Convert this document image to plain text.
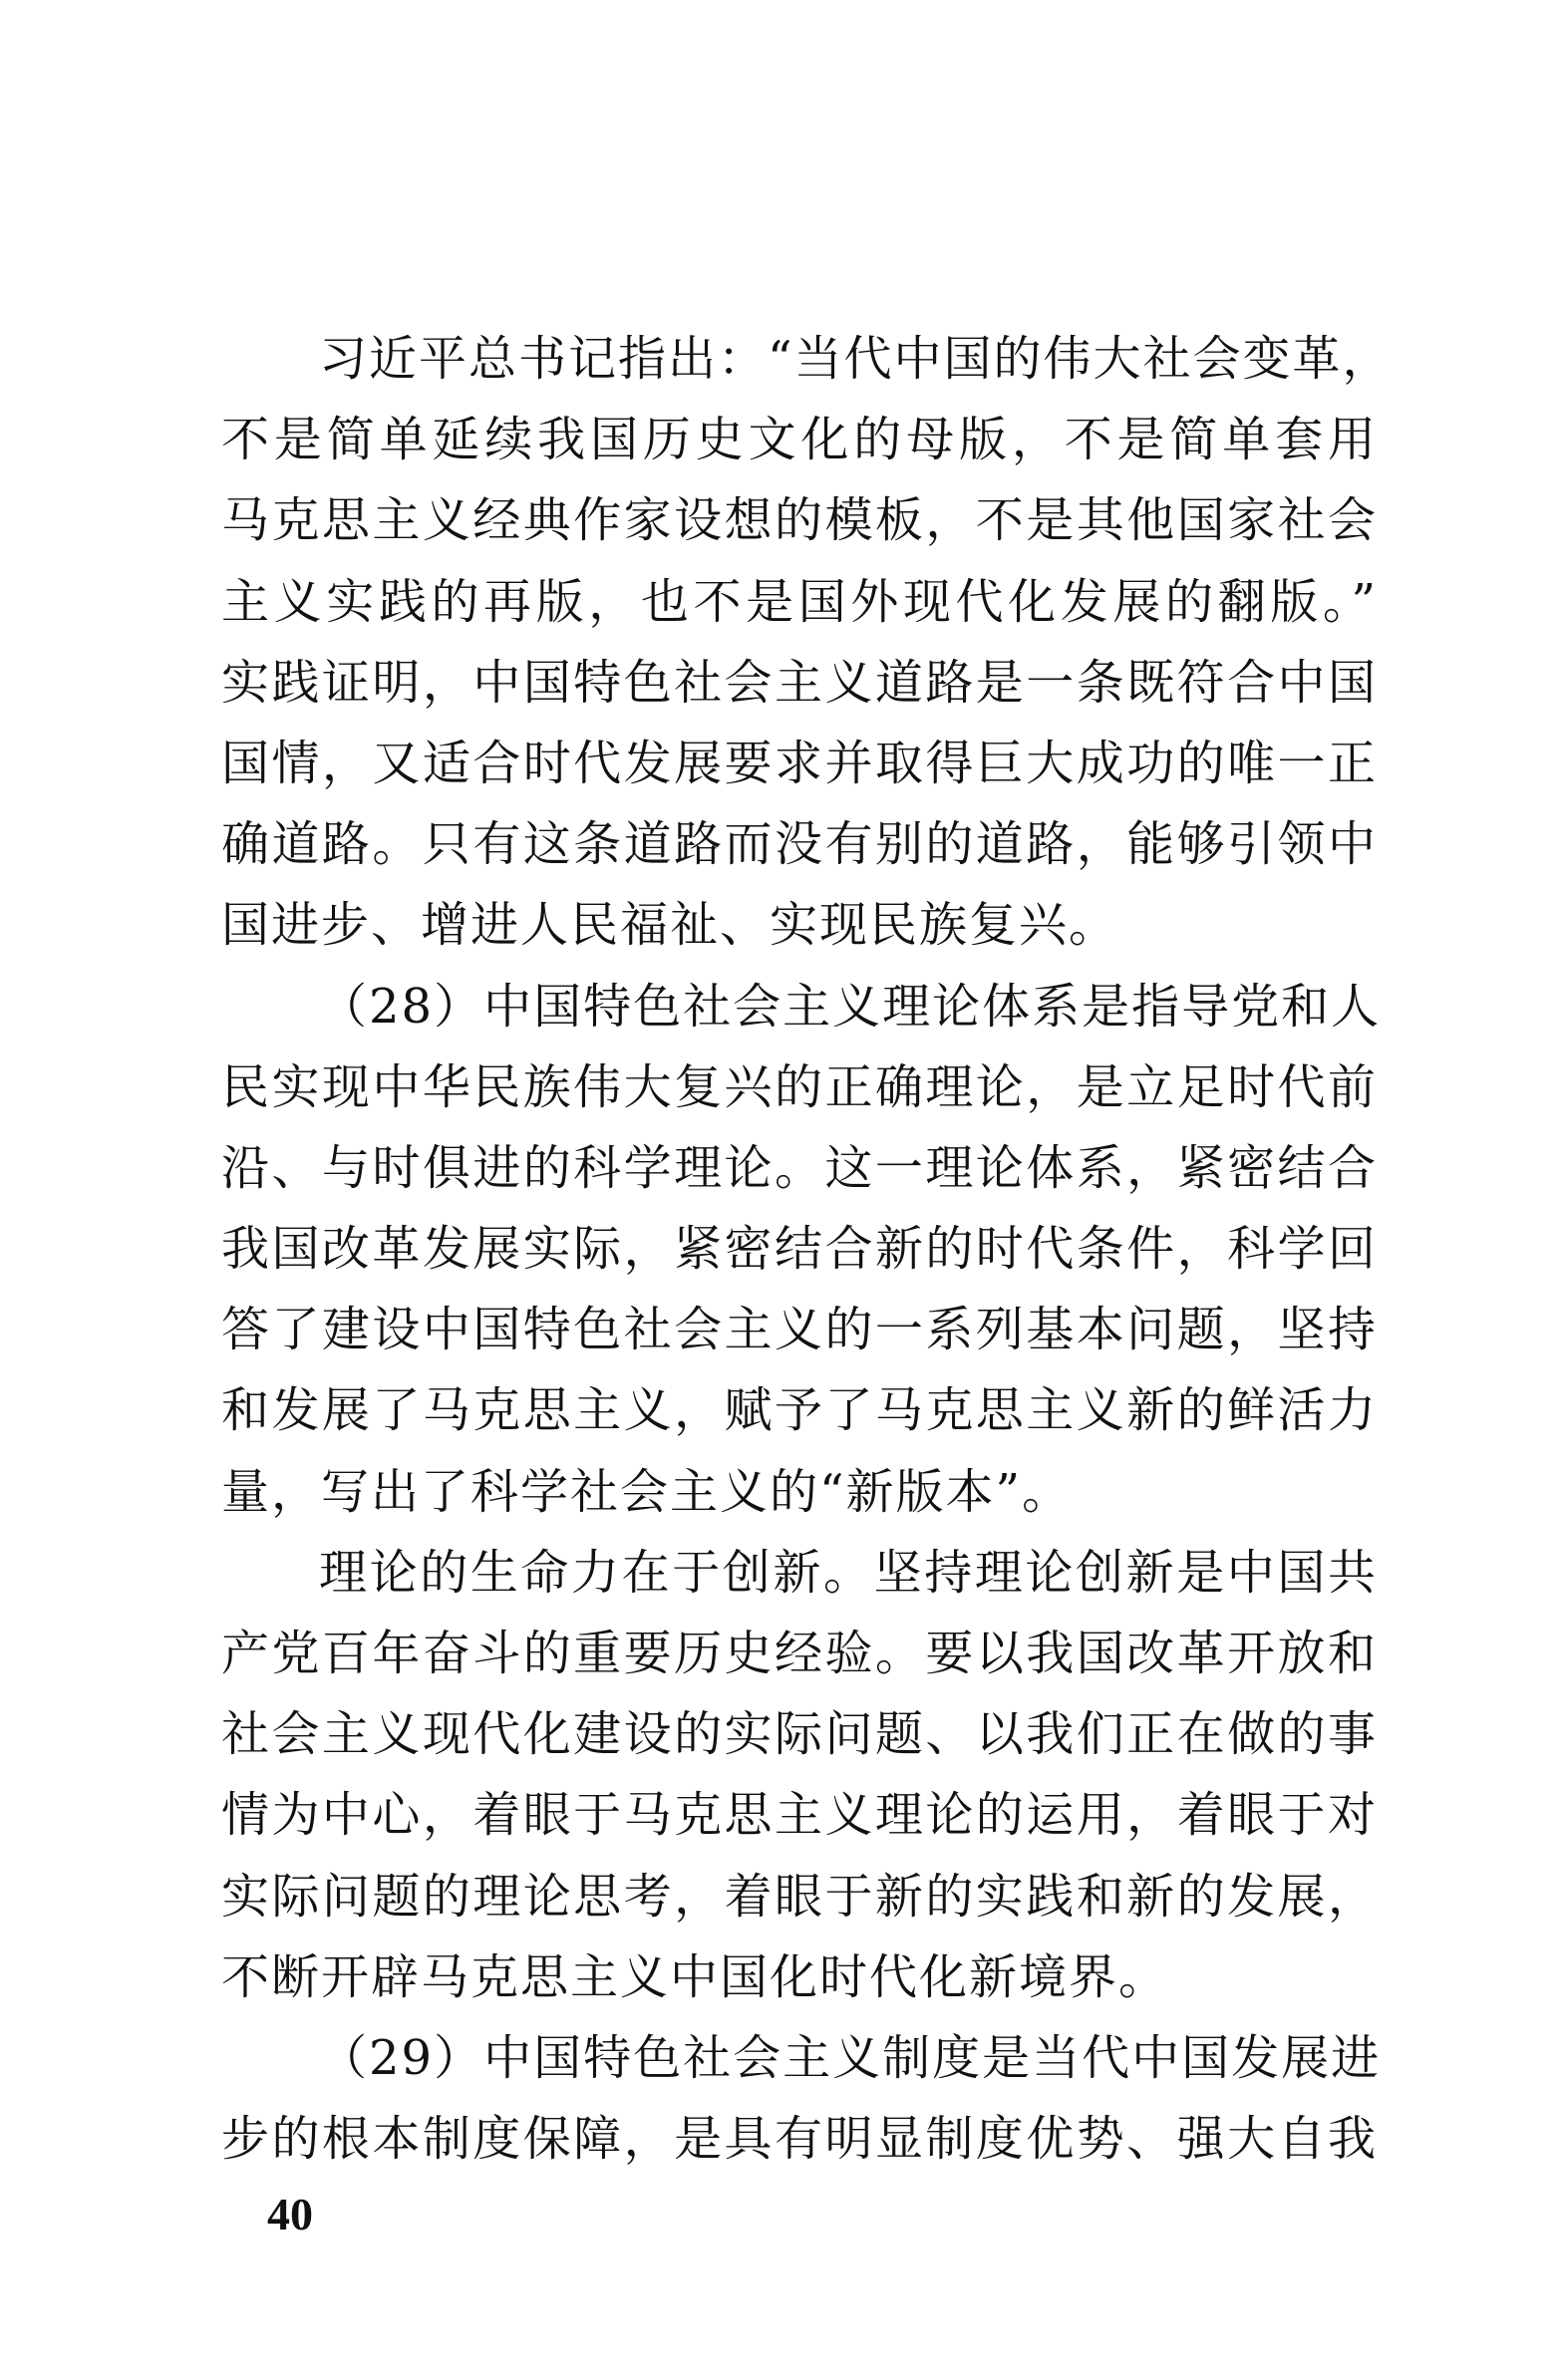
习近平总书记指出：“当代中国的伟大社会变革，
不是简单延续我国历史文化的母版，不是简单套用
马克思主义经典作家设想的模板，不是其他国家社会
主义实践的再版，也不是国外现代化发展的翻版。”
实践证明，中国特色社会主义道路是一条既符合中国
国情，又适合时代发展要求并取得巨大成功的唯一正
确道路。只有这条道路而没有别的道路，能够引领中
国进步、增进人民福祉、实现民族复兴。
（28）中国特色社会主义理论体系是指导党和人
民实现中华民族伟大复兴的正确理论，是立足时代前
沿、与时俱进的科学理论。这一理论体系，紧密结合
我国改革发展实际，紧密结合新的时代条件，科学回
答了建设中国特色社会主义的一系列基本问题，坚持
和发展了马克思主义，赋予了马克思主义新的鲜活力
量，写出了科学社会主义的“新版本”。
理论的生命力在于创新。坚持理论创新是中国共
产党百年奋斗的重要历史经验。要以我国改革开放和
社会主义现代化建设的实际问题、以我们正在做的事
情为中心，着眼于马克思主义理论的运用，着眼于对
实际问题的理论思考，着眼于新的实践和新的发展，
不断开辟马克思主义中国化时代化新境界。
（29）中国特色社会主义制度是当代中国发展进
步的根本制度保障，是具有明显制度优势、强大自我
40
